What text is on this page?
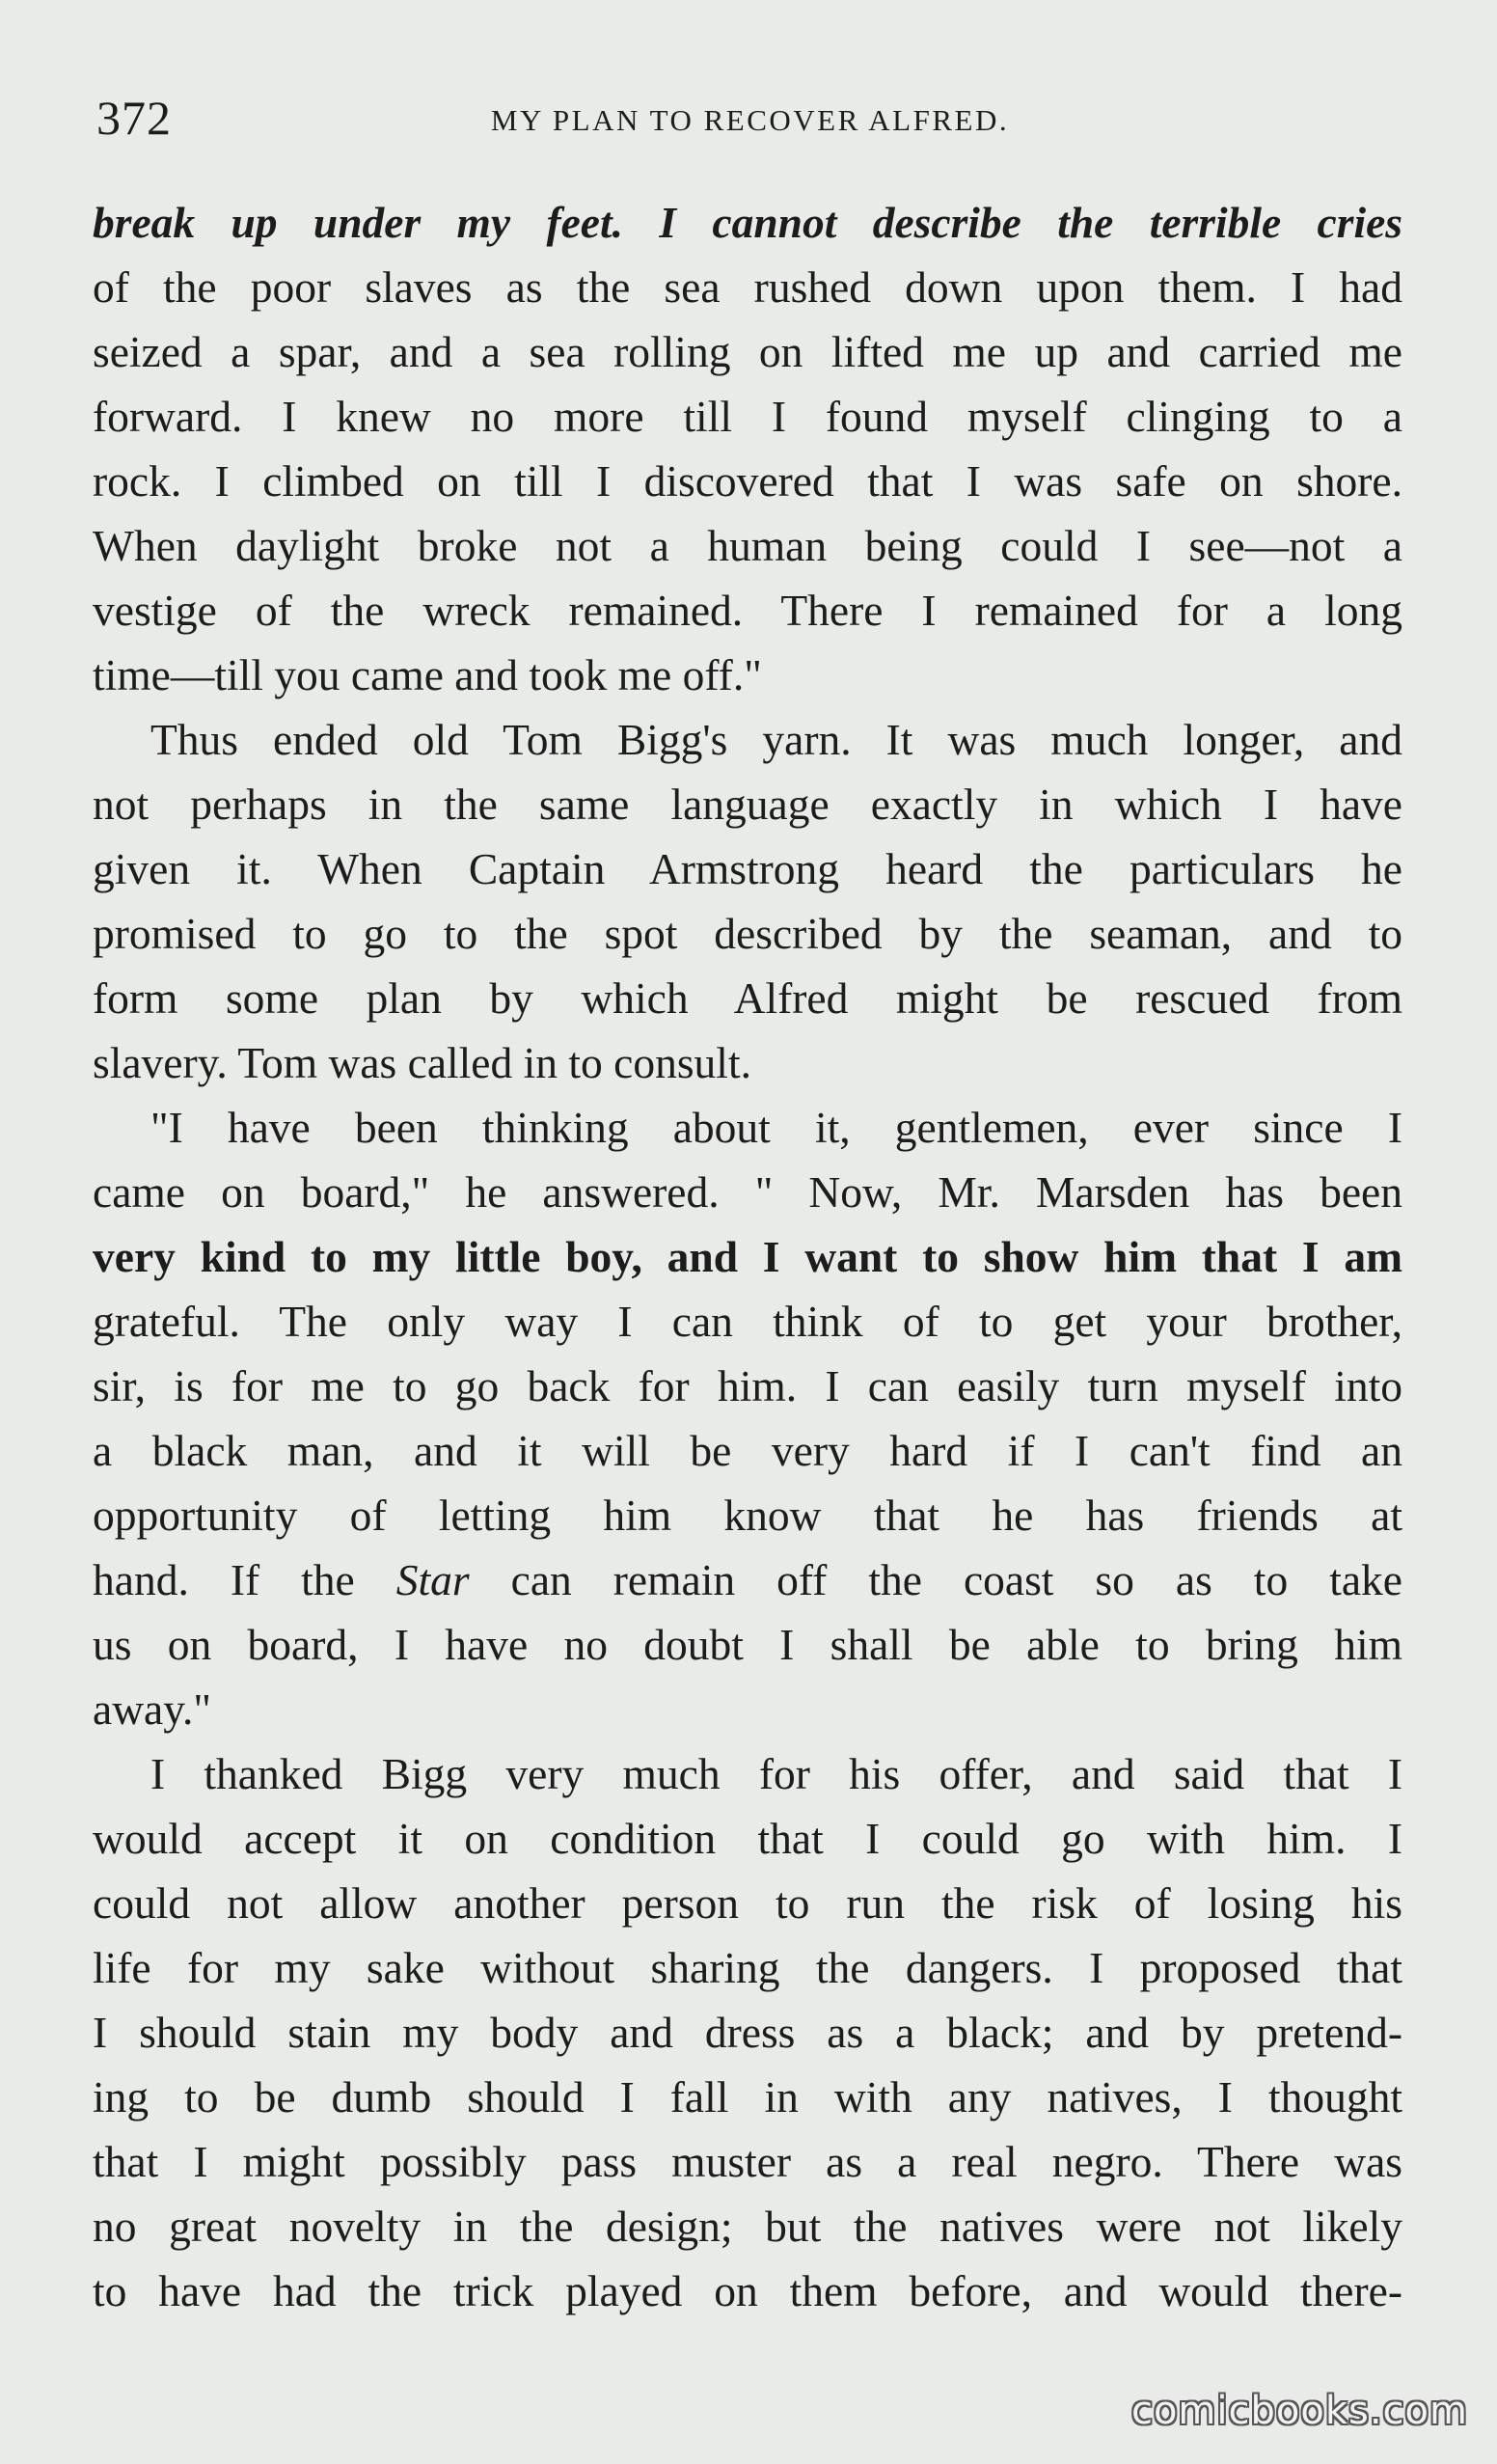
372	MY PLAN TO RECOVER ALFRED.
break up under my feet. I cannot describe the terrible cries
of the poor slaves as the sea rushed down upon them. I had
seized a spar, and a sea rolling on lifted me up and carried me
forward. I knew no more till I found myself clinging to a
rock. I climbed on till I discovered that I was safe on shore.
When daylight broke not a human being could I see—not a
vestige of the wreck remained. There I remained for a long
time—till you came and took me off."
Thus ended old Tom Bigg's yarn. It was much longer, and
not perhaps in the same language exactly in which I have
given it. When Captain Armstrong heard the particulars he
promised to go to the spot described by the seaman, and to
form some plan by which Alfred might be rescued from
slavery. Tom was called in to consult.
"I have been thinking about it, gentlemen, ever since I
came on board," he answered. " Now, Mr. Marsden has been
very kind to my little boy, and I want to show him that I am
grateful. The only way I can think of to get your brother,
sir, is for me to go back for him. I can easily turn myself into
a black man, and it will be very hard if I can't find an
opportunity of letting him know that he has friends at
hand. If the Star can remain off the coast so as to take
us on board, I have no doubt I shall be able to bring him
away."
I thanked Bigg very much for his offer, and said that I
would accept it on condition that I could go with him. I
could not allow another person to run the risk of losing his
life for my sake without sharing the dangers. I proposed that
I should stain my body and dress as a black; and by pretend-
ing to be dumb should I fall in with any natives, I thought
that I might possibly pass muster as a real negro. There was
no great novelty in the design; but the natives were not likely
to have had the trick played on them before, and would there-
comicbooks.com
